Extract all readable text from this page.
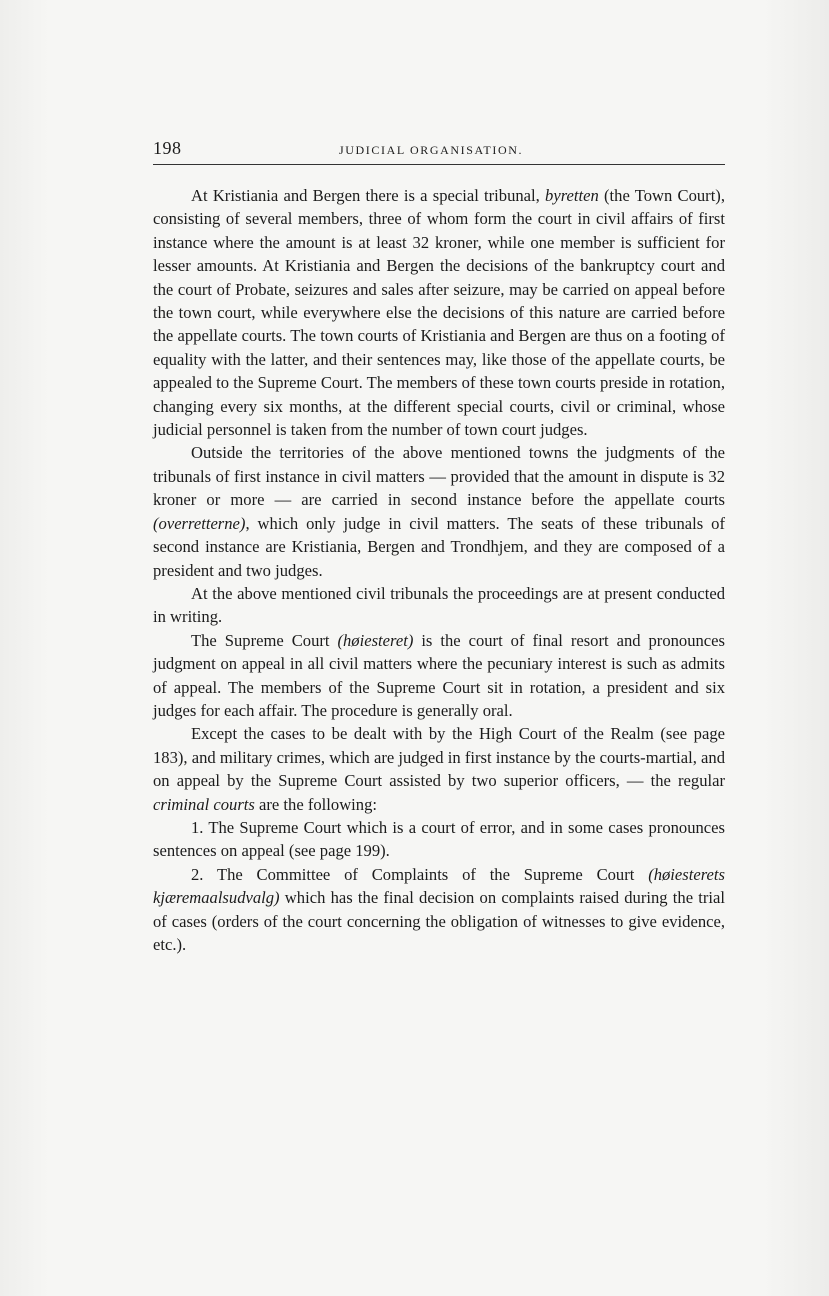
198	JUDICIAL ORGANISATION.

At Kristiania and Bergen there is a special tribunal, byretten (the Town Court), consisting of several members, three of whom form the court in civil affairs of first instance where the amount is at least 32 kroner, while one member is sufficient for lesser amounts. At Kristiania and Bergen the decisions of the bankruptcy court and the court of Probate, seizures and sales after seizure, may be carried on appeal before the town court, while everywhere else the decisions of this nature are carried before the appellate courts. The town courts of Kristiania and Bergen are thus on a footing of equality with the latter, and their sentences may, like those of the appellate courts, be appealed to the Supreme Court. The members of these town courts preside in rotation, changing every six months, at the different special courts, civil or criminal, whose judicial personnel is taken from the number of town court judges.

Outside the territories of the above mentioned towns the judgments of the tribunals of first instance in civil matters — provided that the amount in dispute is 32 kroner or more — are carried in second instance before the appellate courts (overretterne), which only judge in civil matters. The seats of these tribunals of second instance are Kristiania, Bergen and Trondhjem, and they are composed of a president and two judges.

At the above mentioned civil tribunals the proceedings are at present conducted in writing.

The Supreme Court (høiesteret) is the court of final resort and pronounces judgment on appeal in all civil matters where the pecuniary interest is such as admits of appeal. The members of the Supreme Court sit in rotation, a president and six judges for each affair. The procedure is generally oral.

Except the cases to be dealt with by the High Court of the Realm (see page 183), and military crimes, which are judged in first instance by the courts-martial, and on appeal by the Supreme Court assisted by two superior officers, — the regular criminal courts are the following:

1. The Supreme Court which is a court of error, and in some cases pronounces sentences on appeal (see page 199).

2. The Committee of Complaints of the Supreme Court (høiesterets kjæremaalsudvalg) which has the final decision on complaints raised during the trial of cases (orders of the court concerning the obligation of witnesses to give evidence, etc.).
